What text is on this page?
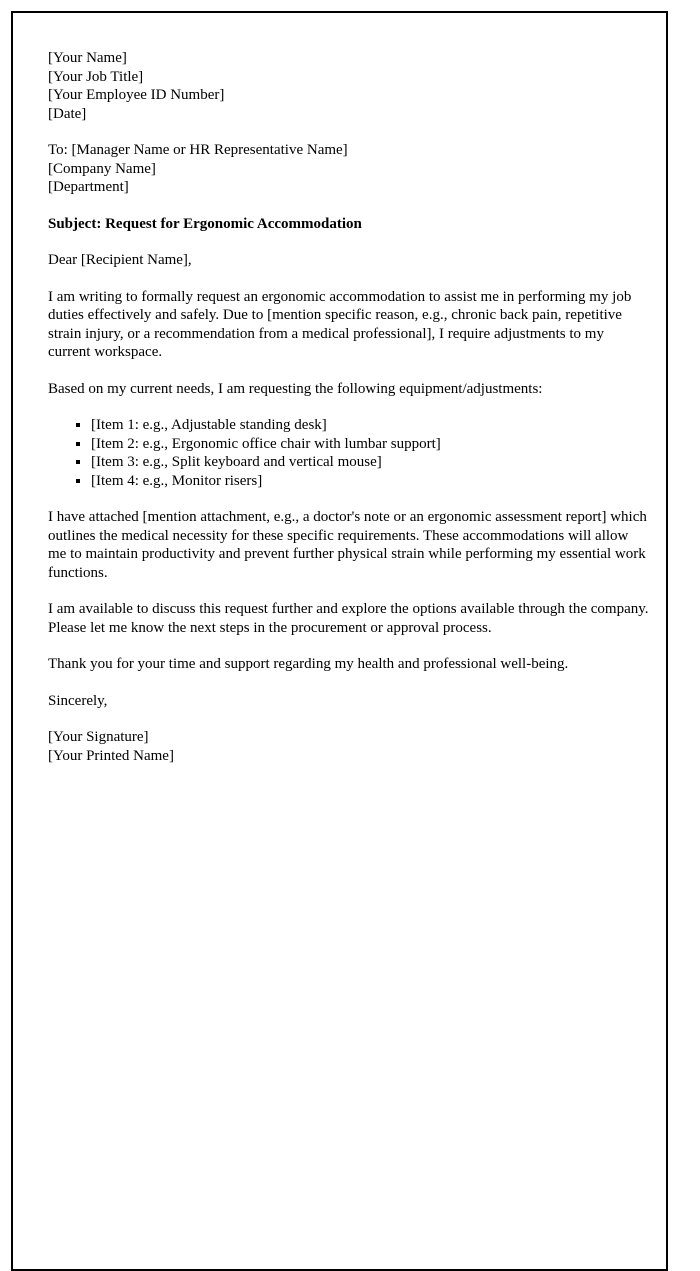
[Your Name]
[Your Job Title]
[Your Employee ID Number]
[Date]
To: [Manager Name or HR Representative Name]
[Company Name]
[Department]

Subject: Request for Ergonomic Accommodation

Dear [Recipient Name],

I am writing to formally request an ergonomic accommodation to assist me in performing my job duties effectively and safely. Due to [mention specific reason, e.g., chronic back pain, repetitive strain injury, or a recommendation from a medical professional], I require adjustments to my current workspace.

Based on my current needs, I am requesting the following equipment/adjustments:

▪ [Item 1: e.g., Adjustable standing desk]
▪ [Item 2: e.g., Ergonomic office chair with lumbar support]
▪ [Item 3: e.g., Split keyboard and vertical mouse]
▪ [Item 4: e.g., Monitor risers]

I have attached [mention attachment, e.g., a doctor's note or an ergonomic assessment report] which outlines the medical necessity for these specific requirements. These accommodations will allow me to maintain productivity and prevent further physical strain while performing my essential work functions.

I am available to discuss this request further and explore the options available through the company. Please let me know the next steps in the procurement or approval process.

Thank you for your time and support regarding my health and professional well-being.

Sincerely,

[Your Signature]
[Your Printed Name]
